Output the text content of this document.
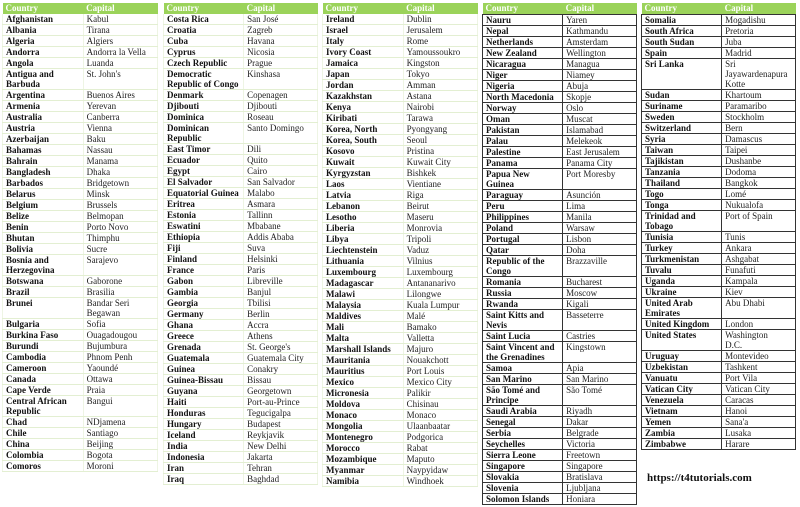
Country	Capital
Afghanistan	Kabul
Albania	Tirana
Algeria	Algiers
Andorra	Andorra la Vella
Angola	Luanda
Antigua and
Barbuda	St. John's
Argentina	Buenos Aires
Armenia	Yerevan
Australia	Canberra
Austria	Vienna
Azerbaijan	Baku
Bahamas	Nassau
Bahrain	Manama
Bangladesh	Dhaka
Barbados	Bridgetown
Belarus	Minsk
Belgium	Brussels
Belize	Belmopan
Benin	Porto Novo
Bhutan	Thimphu
Bolivia	Sucre
Bosnia and
Herzegovina	Sarajevo
Botswana	Gaborone
Brazil	Brasilia
Brunei	Bandar Seri
Begawan
Bulgaria	Sofia
Burkina Faso	Ouagadougou
Burundi	Bujumbura
Cambodia	Phnom Penh
Cameroon	Yaoundé
Canada	Ottawa
Cape Verde	Praia
Central African
Republic	Bangui
Chad	NDjamena
Chile	Santiago
China	Beijing
Colombia	Bogota
Comoros	Moroni
Country	Capital
Costa Rica	San José
Croatia	Zagreb
Cuba	Havana
Cyprus	Nicosia
Czech Republic	Prague
Democratic
Republic of Congo	Kinshasa
Denmark	Copenagen
Djibouti	Djibouti
Dominica	Roseau
Dominican
Republic	Santo Domingo
East Timor	Dili
Ecuador	Quito
Egypt	Cairo
El Salvador	San Salvador
Equatorial Guinea	Malabo
Eritrea	Asmara
Estonia	Tallinn
Eswatini	Mbabane
Ethiopia	Addis Ababa
Fiji	Suva
Finland	Helsinki
France	Paris
Gabon	Libreville
Gambia	Banjul
Georgia	Tbilisi
Germany	Berlin
Ghana	Accra
Greece	Athens
Grenada	St. George's
Guatemala	Guatemala City
Guinea	Conakry
Guinea-Bissau	Bissau
Guyana	Georgetown
Haiti	Port-au-Prince
Honduras	Tegucigalpa
Hungary	Budapest
Iceland	Reykjavik
India	New Delhi
Indonesia	Jakarta
Iran	Tehran
Iraq	Baghdad
Country	Capital
Ireland	Dublin
Israel	Jerusalem
Italy	Rome
Ivory Coast	Yamoussoukro
Jamaica	Kingston
Japan	Tokyo
Jordan	Amman
Kazakhstan	Astana
Kenya	Nairobi
Kiribati	Tarawa
Korea, North	Pyongyang
Korea, South	Seoul
Kosovo	Pristina
Kuwait	Kuwait City
Kyrgyzstan	Bishkek
Laos	Vientiane
Latvia	Riga
Lebanon	Beirut
Lesotho	Maseru
Liberia	Monrovia
Libya	Tripoli
Liechtenstein	Vaduz
Lithuania	Vilnius
Luxembourg	Luxembourg
Madagascar	Antananarivo
Malawi	Lilongwe
Malaysia	Kuala Lumpur
Maldives	Malé
Mali	Bamako
Malta	Valletta
Marshall Islands	Majuro
Mauritania	Nouakchott
Mauritius	Port Louis
Mexico	Mexico City
Micronesia	Palikir
Moldova	Chisinau
Monaco	Monaco
Mongolia	Ulaanbaatar
Montenegro	Podgorica
Morocco	Rabat
Mozambique	Maputo
Myanmar	Naypyidaw
Namibia	Windhoek
Country	Capital
Nauru	Yaren
Nepal	Kathmandu
Netherlands	Amsterdam
New Zealand	Wellington
Nicaragua	Managua
Niger	Niamey
Nigeria	Abuja
North Macedonia	Skopje
Norway	Oslo
Oman	Muscat
Pakistan	Islamabad
Palau	Melekeok
Palestine	East Jerusalem
Panama	Panama City
Papua New
Guinea	Port Moresby
Paraguay	Asunción
Peru	Lima
Philippines	Manila
Poland	Warsaw
Portugal	Lisbon
Qatar	Doha
Republic of the
Congo	Brazzaville
Romania	Bucharest
Russia	Moscow
Rwanda	Kigali
Saint Kitts and
Nevis	Basseterre
Saint Lucia	Castries
Saint Vincent and
the Grenadines	Kingstown
Samoa	Apia
San Marino	San Marino
São Tomé and
Principe	São Tomé
Saudi Arabia	Riyadh
Senegal	Dakar
Serbia	Belgrade
Seychelles	Victoria
Sierra Leone	Freetown
Singapore	Singapore
Slovakia	Bratislava
Slovenia	Ljubljana
Solomon Islands	Honiara
Country	Capital
Somalia	Mogadishu
South Africa	Pretoria
South Sudan	Juba
Spain	Madrid
Sri Lanka	Sri
Jayawardenapura
Kotte
Sudan	Khartoum
Suriname	Paramaribo
Sweden	Stockholm
Switzerland	Bern
Syria	Damascus
Taiwan	Taipei
Tajikistan	Dushanbe
Tanzania	Dodoma
Thailand	Bangkok
Togo	Lomé
Tonga	Nukualofa
Trinidad and
Tobago	Port of Spain
Tunisia	Tunis
Turkey	Ankara
Turkmenistan	Ashgabat
Tuvalu	Funafuti
Uganda	Kampala
Ukraine	Kiev
United Arab
Emirates	Abu Dhabi
United Kingdom	London
United States	Washington
D.C.
Uruguay	Montevideo
Uzbekistan	Tashkent
Vanuatu	Port Vila
Vatican City	Vatican City
Venezuela	Caracas
Vietnam	Hanoi
Yemen	Sana'a
Zambia	Lusaka
Zimbabwe	Harare
https://t4tutorials.com
